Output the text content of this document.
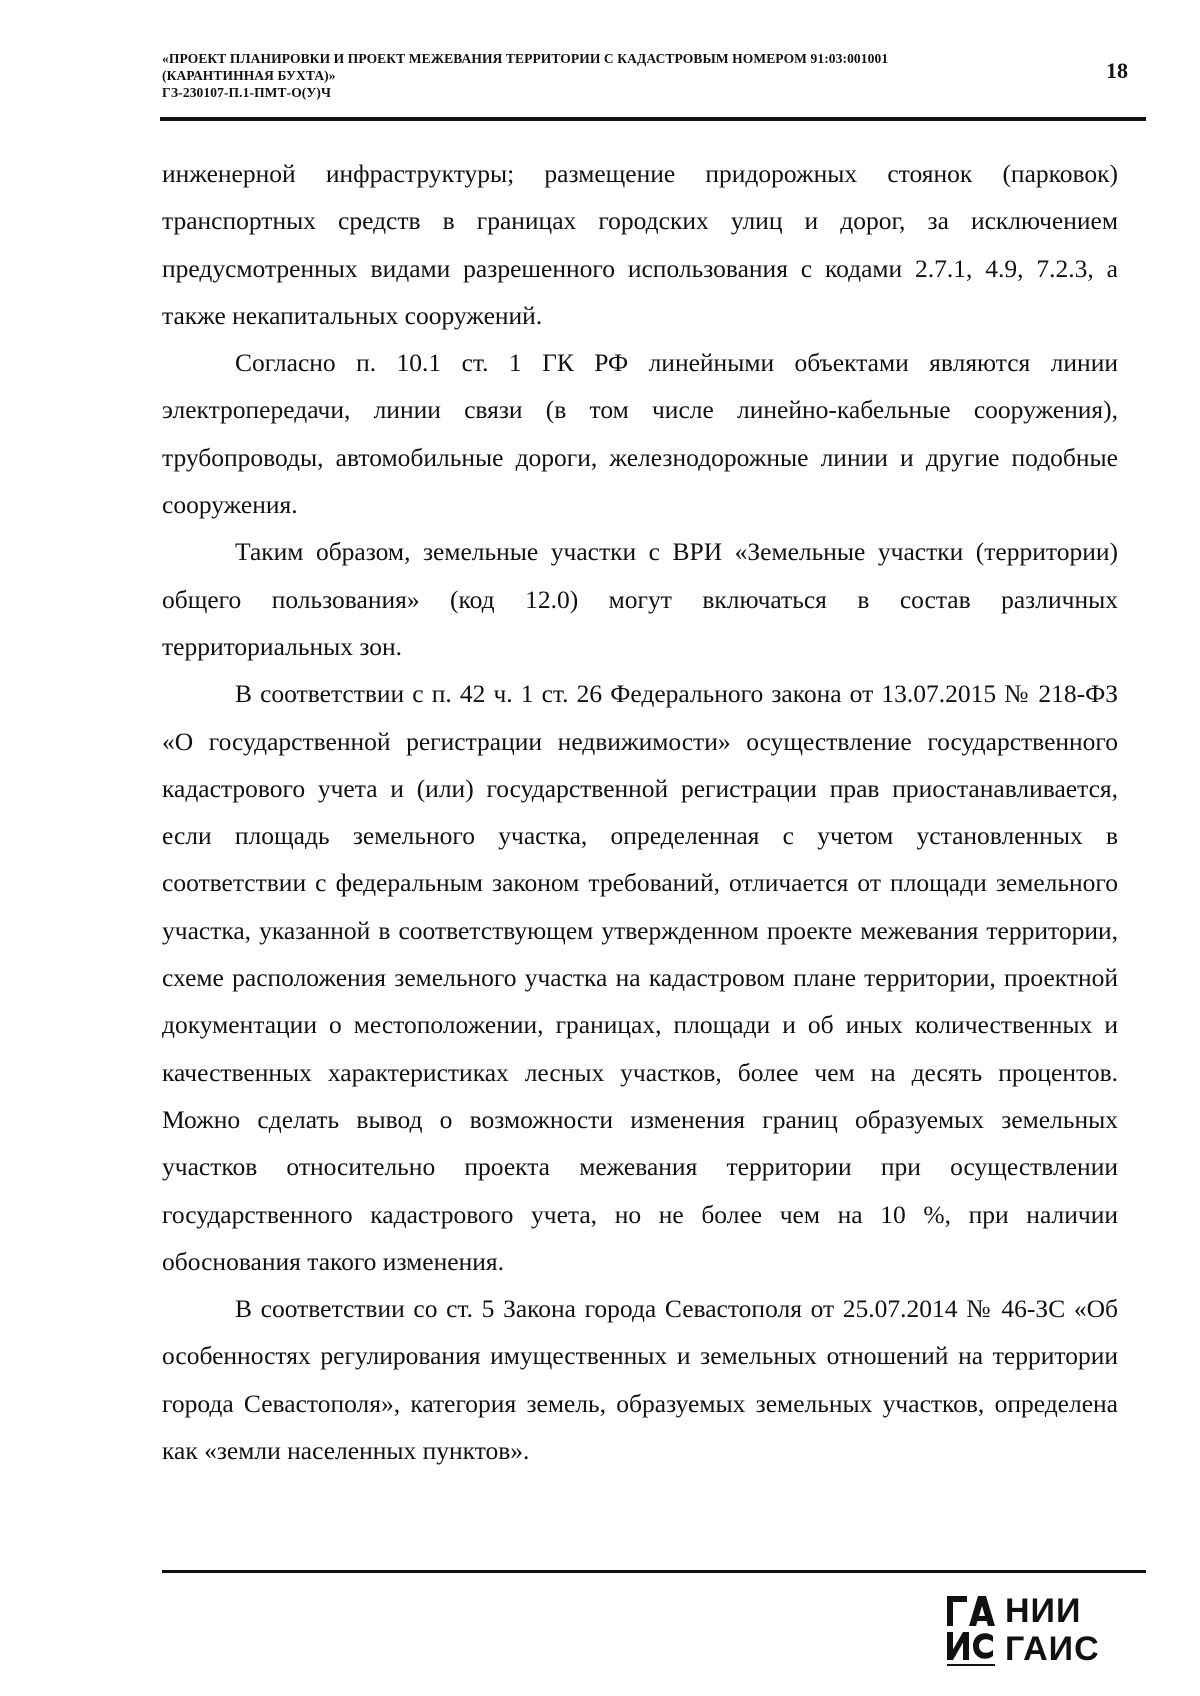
«ПРОЕКТ ПЛАНИРОВКИ И ПРОЕКТ МЕЖЕВАНИЯ ТЕРРИТОРИИ С КАДАСТРОВЫМ НОМЕРОМ 91:03:001001
(КАРАНТИННАЯ БУХТА)»
ГЗ-230107-П.1-ПМТ-О(У)Ч
18

инженерной инфраструктуры; размещение придорожных стоянок (парковок) транспортных средств в границах городских улиц и дорог, за исключением предусмотренных видами разрешенного использования с кодами 2.7.1, 4.9, 7.2.3, а также некапитальных сооружений.

Согласно п. 10.1 ст. 1 ГК РФ линейными объектами являются линии электропередачи, линии связи (в том числе линейно-кабельные сооружения), трубопроводы, автомобильные дороги, железнодорожные линии и другие подобные сооружения.

Таким образом, земельные участки с ВРИ «Земельные участки (территории) общего пользования» (код 12.0) могут включаться в состав различных территориальных зон.

В соответствии с п. 42 ч. 1 ст. 26 Федерального закона от 13.07.2015 № 218-ФЗ «О государственной регистрации недвижимости» осуществление государственного кадастрового учета и (или) государственной регистрации прав приостанавливается, если площадь земельного участка, определенная с учетом установленных в соответствии с федеральным законом требований, отличается от площади земельного участка, указанной в соответствующем утвержденном проекте межевания территории, схеме расположения земельного участка на кадастровом плане территории, проектной документации о местоположении, границах, площади и об иных количественных и качественных характеристиках лесных участков, более чем на десять процентов. Можно сделать вывод о возможности изменения границ образуемых земельных участков относительно проекта межевания территории при осуществлении государственного кадастрового учета, но не более чем на 10 %, при наличии обоснования такого изменения.

В соответствии со ст. 5 Закона города Севастополя от 25.07.2014 № 46-ЗС «Об особенностях регулирования имущественных и земельных отношений на территории города Севастополя», категория земель, образуемых земельных участков, определена как «земли населенных пунктов».

НИИ
ГАИС
